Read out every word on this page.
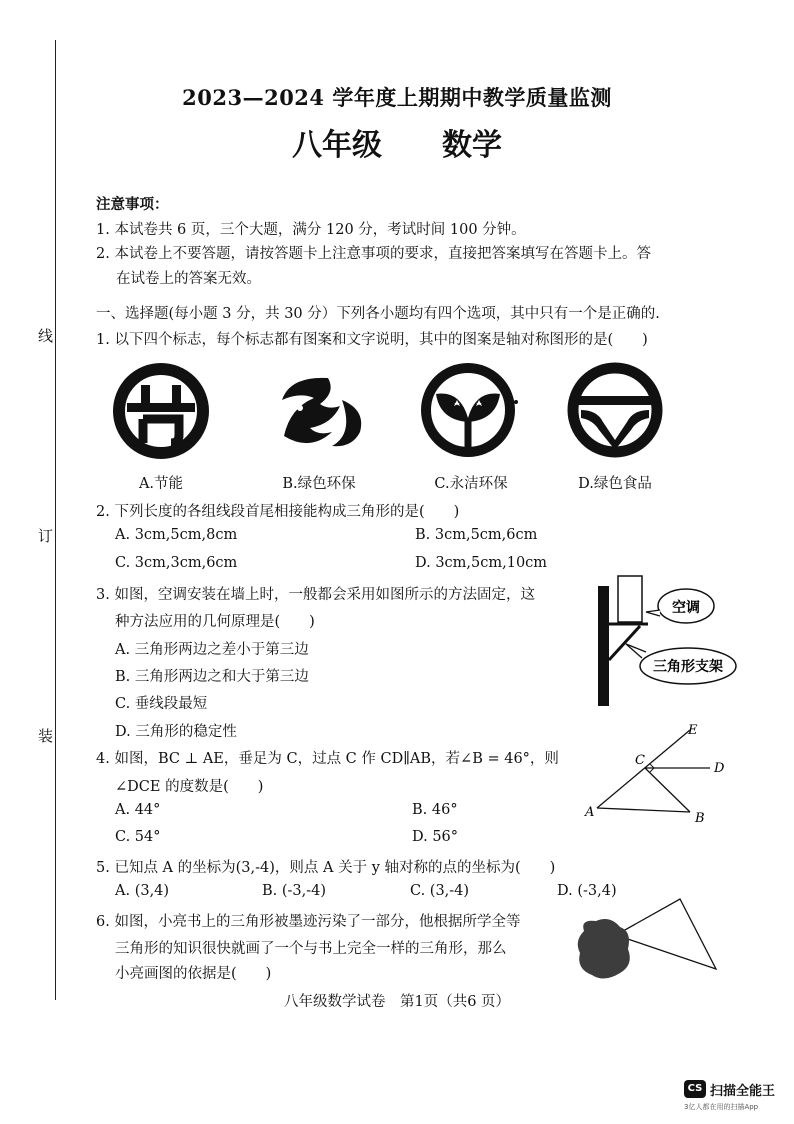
线
订
装
2023—2024 学年度上期期中教学质量监测
八年级　　数学
注意事项：
1. 本试卷共 6 页，三个大题，满分 120 分，考试时间 100 分钟。
2. 本试卷上不要答题，请按答题卡上注意事项的要求，直接把答案填写在答题卡上。答
在试卷上的答案无效。
一、选择题(每小题 3 分，共 30 分）下列各小题均有四个选项，其中只有一个是正确的.
1. 以下四个标志，每个标志都有图案和文字说明，其中的图案是轴对称图形的是(　　)
A.节能	B.绿色环保	C.永洁环保	D.绿色食品
2. 下列长度的各组线段首尾相接能构成三角形的是(　　)
A. 3cm,5cm,8cm	B. 3cm,5cm,6cm
C. 3cm,3cm,6cm	D. 3cm,5cm,10cm
3. 如图，空调安装在墙上时，一般都会采用如图所示的方法固定，这
种方法应用的几何原理是(　　)
A. 三角形两边之差小于第三边
B. 三角形两边之和大于第三边
C. 垂线段最短
D. 三角形的稳定性
空调
三角形支架
4. 如图，BC ⊥ AE，垂足为 C，过点 C 作 CD∥AB，若∠B = 46°，则
∠DCE 的度数是(　　)
A. 44°	B. 46°
C. 54°	D. 56°
A	B
C
D
E
5. 已知点 A 的坐标为(3,-4)，则点 A 关于 y 轴对称的点的坐标为(　　)
A. (3,4)	B. (-3,-4)	C. (3,-4)	D. (-3,4)
6. 如图，小亮书上的三角形被墨迹污染了一部分，他根据所学全等
三角形的知识很快就画了一个与书上完全一样的三角形，那么
小亮画图的依据是(　　)
八年级数学试卷　第1页（共6 页）
CS 扫描全能王
3亿人都在用的扫描App
